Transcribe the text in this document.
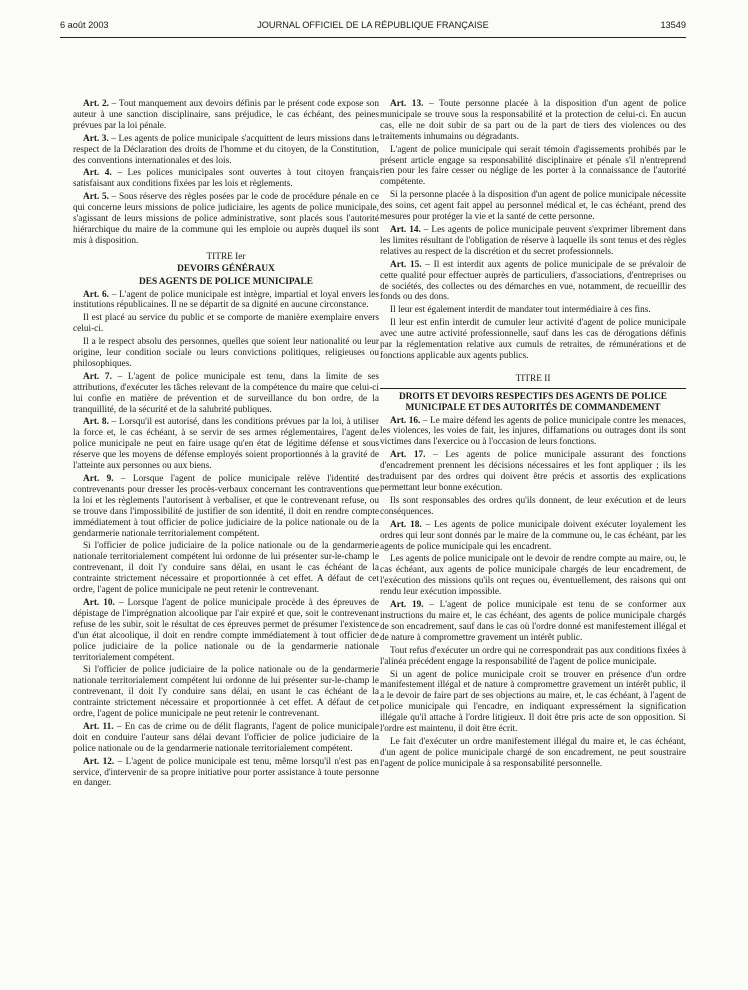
6 août 2003	JOURNAL OFFICIEL DE LA RÉPUBLIQUE FRANÇAISE	13549

Art. 2. – Tout manquement aux devoirs définis par le présent code expose son auteur à une sanction disciplinaire, sans préjudice, le cas échéant, des peines prévues par la loi pénale.

Art. 3. – Les agents de police municipale s'acquittent de leurs missions dans le respect de la Déclaration des droits de l'homme et du citoyen, de la Constitution, des conventions internationales et des lois.

Art. 4. – Les polices municipales sont ouvertes à tout citoyen français satisfaisant aux conditions fixées par les lois et règlements.

Art. 5. – Sous réserve des règles posées par le code de procédure pénale en ce qui concerne leurs missions de police judiciaire, les agents de police municipale, s'agissant de leurs missions de police administrative, sont placés sous l'autorité hiérarchique du maire de la commune qui les emploie ou auprès duquel ils sont mis à disposition.

TITRE Ier
DEVOIRS GÉNÉRAUX
DES AGENTS DE POLICE MUNICIPALE

Art. 6. – L'agent de police municipale est intègre, impartial et loyal envers les institutions républicaines. Il ne se départit de sa dignité en aucune circonstance.

Il est placé au service du public et se comporte de manière exemplaire envers celui-ci.

Il a le respect absolu des personnes, quelles que soient leur nationalité ou leur origine, leur condition sociale ou leurs convictions politiques, religieuses ou philosophiques.

Art. 7. – L'agent de police municipale est tenu, dans la limite de ses attributions, d'exécuter les tâches relevant de la compétence du maire que celui-ci lui confie en matière de prévention et de surveillance du bon ordre, de la tranquillité, de la sécurité et de la salubrité publiques.

Art. 8. – Lorsqu'il est autorisé, dans les conditions prévues par la loi, à utiliser la force et, le cas échéant, à se servir de ses armes réglementaires, l'agent de police municipale ne peut en faire usage qu'en état de légitime défense et sous réserve que les moyens de défense employés soient proportionnés à la gravité de l'atteinte aux personnes ou aux biens.

Art. 9. – Lorsque l'agent de police municipale relève l'identité des contrevenants pour dresser les procès-verbaux concernant les contraventions que la loi et les règlements l'autorisent à verbaliser, et que le contrevenant refuse, ou se trouve dans l'impossibilité de justifier de son identité, il doit en rendre compte immédiatement à tout officier de police judiciaire de la police nationale ou de la gendarmerie nationale territorialement compétent.

Si l'officier de police judiciaire de la police nationale ou de la gendarmerie nationale territorialement compétent lui ordonne de lui présenter sur-le-champ le contrevenant, il doit l'y conduire sans délai, en usant le cas échéant de la contrainte strictement nécessaire et proportionnée à cet effet. A défaut de cet ordre, l'agent de police municipale ne peut retenir le contrevenant.

Art. 10. – Lorsque l'agent de police municipale procède à des épreuves de dépistage de l'imprégnation alcoolique par l'air expiré et que, soit le contrevenant refuse de les subir, soit le résultat de ces épreuves permet de présumer l'existence d'un état alcoolique, il doit en rendre compte immédiatement à tout officier de police judiciaire de la police nationale ou de la gendarmerie nationale territorialement compétent.

Si l'officier de police judiciaire de la police nationale ou de la gendarmerie nationale territorialement compétent lui ordonne de lui présenter sur-le-champ le contrevenant, il doit l'y conduire sans délai, en usant le cas échéant de la contrainte strictement nécessaire et proportionnée à cet effet. A défaut de cet ordre, l'agent de police municipale ne peut retenir le contrevenant.

Art. 11. – En cas de crime ou de délit flagrants, l'agent de police municipale doit en conduire l'auteur sans délai devant l'officier de police judiciaire de la police nationale ou de la gendarmerie nationale territorialement compétent.

Art. 12. – L'agent de police municipale est tenu, même lorsqu'il n'est pas en service, d'intervenir de sa propre initiative pour porter assistance à toute personne en danger.

Art. 13. – Toute personne placée à la disposition d'un agent de police municipale se trouve sous la responsabilité et la protection de celui-ci. En aucun cas, elle ne doit subir de sa part ou de la part de tiers des violences ou des traitements inhumains ou dégradants.

L'agent de police municipale qui serait témoin d'agissements prohibés par le présent article engage sa responsabilité disciplinaire et pénale s'il n'entreprend rien pour les faire cesser ou néglige de les porter à la connaissance de l'autorité compétente.

Si la personne placée à la disposition d'un agent de police municipale nécessite des soins, cet agent fait appel au personnel médical et, le cas échéant, prend des mesures pour protéger la vie et la santé de cette personne.

Art. 14. – Les agents de police municipale peuvent s'exprimer librement dans les limites résultant de l'obligation de réserve à laquelle ils sont tenus et des règles relatives au respect de la discrétion et du secret professionnels.

Art. 15. – Il est interdit aux agents de police municipale de se prévaloir de cette qualité pour effectuer auprès de particuliers, d'associations, d'entreprises ou de sociétés, des collectes ou des démarches en vue, notamment, de recueillir des fonds ou des dons.

Il leur est également interdit de mandater tout intermédiaire à ces fins.

Il leur est enfin interdit de cumuler leur activité d'agent de police municipale avec une autre activité professionnelle, sauf dans les cas de dérogations définis par la réglementation relative aux cumuls de retraites, de rémunérations et de fonctions applicable aux agents publics.

TITRE II
DROITS ET DEVOIRS RESPECTIFS DES AGENTS DE POLICE MUNICIPALE ET DES AUTORITÉS DE COMMANDEMENT

Art. 16. – Le maire défend les agents de police municipale contre les menaces, les violences, les voies de fait, les injures, diffamations ou outrages dont ils sont victimes dans l'exercice ou à l'occasion de leurs fonctions.

Art. 17. – Les agents de police municipale assurant des fonctions d'encadrement prennent les décisions nécessaires et les font appliquer ; ils les traduisent par des ordres qui doivent être précis et assortis des explications permettant leur bonne exécution.

Ils sont responsables des ordres qu'ils donnent, de leur exécution et de leurs conséquences.

Art. 18. – Les agents de police municipale doivent exécuter loyalement les ordres qui leur sont donnés par le maire de la commune ou, le cas échéant, par les agents de police municipale qui les encadrent.

Les agents de police municipale ont le devoir de rendre compte au maire, ou, le cas échéant, aux agents de police municipale chargés de leur encadrement, de l'exécution des missions qu'ils ont reçues ou, éventuellement, des raisons qui ont rendu leur exécution impossible.

Art. 19. – L'agent de police municipale est tenu de se conformer aux instructions du maire et, le cas échéant, des agents de police municipale chargés de son encadrement, sauf dans le cas où l'ordre donné est manifestement illégal et de nature à compromettre gravement un intérêt public.

Tout refus d'exécuter un ordre qui ne correspondrait pas aux conditions fixées à l'alinéa précédent engage la responsabilité de l'agent de police municipale.

Si un agent de police municipale croit se trouver en présence d'un ordre manifestement illégal et de nature à compromettre gravement un intérêt public, il a le devoir de faire part de ses objections au maire, et, le cas échéant, à l'agent de police municipale qui l'encadre, en indiquant expressément la signification illégale qu'il attache à l'ordre litigieux. Il doit être pris acte de son opposition. Si l'ordre est maintenu, il doit être écrit.

Le fait d'exécuter un ordre manifestement illégal du maire et, le cas échéant, d'un agent de police municipale chargé de son encadrement, ne peut soustraire l'agent de police municipale à sa responsabilité personnelle.
